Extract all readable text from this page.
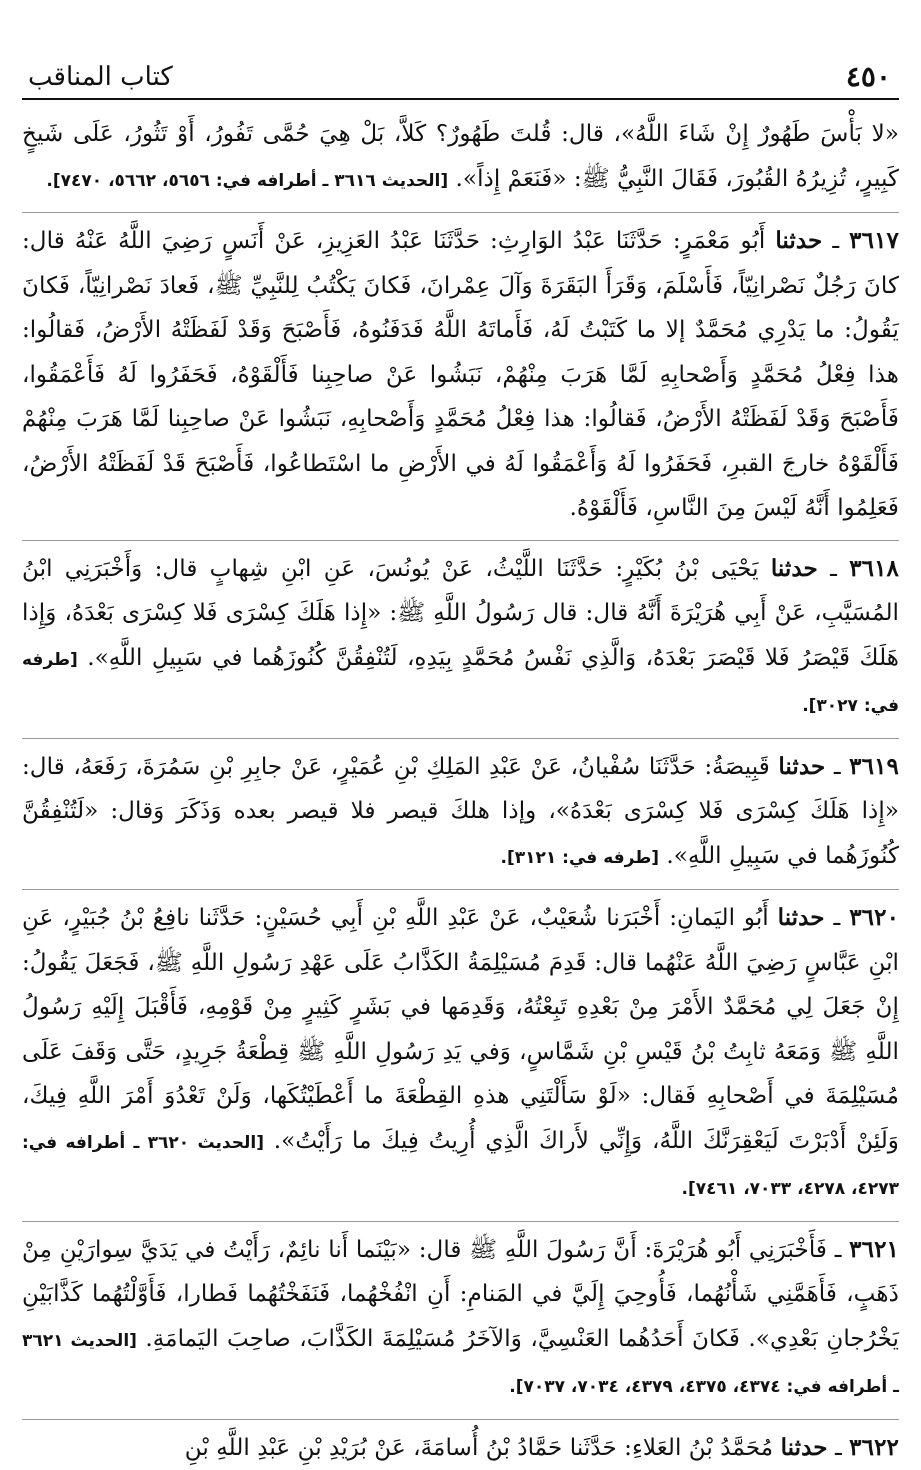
٤٥٠
كتاب المناقب

«لا بَأْسَ طَهُورٌ إِنْ شَاءَ اللَّهُ»، قال: قُلتَ طَهُورٌ؟ كَلاَّ، بَلْ هِيَ حُمَّى تَفُورُ، أَوْ تَثُورُ، عَلَى شَيخٍ كَبِيرٍ، تُزِيرُهُ القُبُورَ، فَقَالَ النَّبِيُّ ﷺ: «فَنَعَمْ إِذاً». [الحديث ٣٦١٦ ـ أطرافه في: ٥٦٥٦، ٥٦٦٢، ٧٤٧٠].

٣٦١٧ ـ حدثنا أَبُو مَعْمَرٍ: حَدَّثَنَا عَبْدُ الوَارِثِ: حَدَّثَنَا عَبْدُ العَزِيزِ، عَنْ أَنَسٍ رَضِيَ اللَّهُ عَنْهُ قال: كانَ رَجُلٌ نَصْرانِيّاً، فَأَسْلَمَ، وَقَرَأَ البَقَرَةَ وَآلَ عِمْرانَ، فَكانَ يَكْتُبُ لِلنَّبِيِّ ﷺ، فَعادَ نَصْرانِيّاً، فَكانَ يَقُولُ: ما يَدْرِي مُحَمَّدٌ إلا ما كَتَبْتُ لَهُ، فَأَماتَهُ اللَّهُ فَدَفَنُوهُ، فَأَصْبَحَ وَقَدْ لَفَظَتْهُ الأَرْضُ، فَقالُوا: هذا فِعْلُ مُحَمَّدٍ وَأَصْحابِهِ لَمَّا هَرَبَ مِنْهُمْ، نَبَشُوا عَنْ صاحِبِنا فَأَلْقَوْهُ، فَحَفَرُوا لَهُ فَأَعْمَقُوا، فَأَصْبَحَ وَقَدْ لَفَظَتْهُ الأَرْضُ، فَقالُوا: هذا فِعْلُ مُحَمَّدٍ وَأَصْحابِهِ، نَبَشُوا عَنْ صاحِبِنا لَمَّا هَرَبَ مِنْهُمْ فَأَلْقَوْهُ خارجَ القبرِ، فَحَفَرُوا لَهُ وَأَعْمَقُوا لَهُ في الأَرْضِ ما اسْتَطاعُوا، فَأَصْبَحَ قَدْ لَفَظَتْهُ الأَرْضُ، فَعَلِمُوا أَنَّهُ لَيْسَ مِنَ النَّاسِ، فَأَلْقَوْهُ.

٣٦١٨ ـ حدثنا يَحْيَى بْنُ بُكَيْرٍ: حَدَّثَنَا اللَّيْثُ، عَنْ يُونُسَ، عَنِ ابْنِ شِهابٍ قال: وَأَخْبَرَنِي ابْنُ المُسَيَّبِ، عَنْ أَبِي هُرَيْرَةَ أَنَّهُ قال: قال رَسُولُ اللَّهِ ﷺ: «إِذا هَلَكَ كِسْرَى فَلا كِسْرَى بَعْدَهُ، وَإِذا هَلَكَ قَيْصَرُ فَلا قَيْصَرَ بَعْدَهُ، وَالَّذِي نَفْسُ مُحَمَّدٍ بِيَدِهِ، لَتُنْفِقُنَّ كُنُوزَهُما في سَبِيلِ اللَّهِ». [طرفه في: ٣٠٢٧].

٣٦١٩ ـ حدثنا قَبِيصَةُ: حَدَّثَنَا سُفْيانُ، عَنْ عَبْدِ المَلِكِ بْنِ عُمَيْرٍ، عَنْ جابِرِ بْنِ سَمُرَةَ، رَفَعَهُ، قال: «إِذا هَلَكَ كِسْرَى فَلا كِسْرَى بَعْدَهُ»، وإذا هلكَ قيصر فلا قيصر بعده وَذَكَرَ وَقال: «لَتُنْفِقُنَّ كُنُوزَهُما في سَبِيلِ اللَّهِ». [طرفه في: ٣١٢١].

٣٦٢٠ ـ حدثنا أَبُو اليَمانِ: أَخْبَرَنا شُعَيْبٌ، عَنْ عَبْدِ اللَّهِ بْنِ أَبِي حُسَيْنٍ: حَدَّثَنا نافِعُ بْنُ جُبَيْرٍ، عَنِ ابْنِ عَبَّاسٍ رَضِيَ اللَّهُ عَنْهُما قال: قَدِمَ مُسَيْلِمَةُ الكَذَّابُ عَلَى عَهْدِ رَسُولِ اللَّهِ ﷺ، فَجَعَلَ يَقُولُ: إِنْ جَعَلَ لِي مُحَمَّدٌ الأَمْرَ مِنْ بَعْدِهِ تَبِعْتُهُ، وَقَدِمَها في بَشَرٍ كَثِيرٍ مِنْ قَوْمِهِ، فَأَقْبَلَ إِلَيْهِ رَسُولُ اللَّهِ ﷺ وَمَعَهُ ثابِتُ بْنُ قَيْسِ بْنِ شَمَّاسٍ، وَفي يَدِ رَسُولِ اللَّهِ ﷺ قِطْعَةُ جَرِيدٍ، حَتَّى وَقَفَ عَلَى مُسَيْلِمَةَ في أَصْحابِهِ فَقال: «لَوْ سَأَلْتَنِي هذهِ القِطْعَةَ ما أَعْطَيْتُكَها، وَلَنْ تَعْدُوَ أَمْرَ اللَّهِ فِيكَ، وَلَئِنْ أَدْبَرْتَ لَيَعْقِرَنَّكَ اللَّهُ، وَإِنِّي لأَراكَ الَّذِي أُرِيتُ فِيكَ ما رَأَيْتُ». [الحديث ٣٦٢٠ ـ أطرافه في: ٤٢٧٣، ٤٢٧٨، ٧٠٣٣، ٧٤٦١].

٣٦٢١ ـ فَأَخْبَرَنِي أَبُو هُرَيْرَةَ: أَنَّ رَسُولَ اللَّهِ ﷺ قال: «بَيْنَما أَنا نائِمٌ، رَأَيْتُ في يَدَيَّ سِوارَيْنِ مِنْ ذَهَبٍ، فَأَهَمَّنِي شَأْنُهُما، فَأُوحِيَ إِلَيَّ في المَنامِ: أَنِ انْفُخْهُما، فَنَفَخْتُهُما فَطارا، فَأَوَّلْتُهُما كَذَّابَيْنِ يَخْرُجانِ بَعْدِي». فَكانَ أَحَدُهُما العَنْسِيَّ، وَالآخَرُ مُسَيْلِمَةَ الكَذَّابَ، صاحِبَ اليَمامَةِ. [الحديث ٣٦٢١ ـ أطرافه في: ٤٣٧٤، ٤٣٧٥، ٤٣٧٩، ٧٠٣٤، ٧٠٣٧].

٣٦٢٢ ـ حدثنا مُحَمَّدُ بْنُ العَلاءِ: حَدَّثَنا حَمَّادُ بْنُ أُسامَةَ، عَنْ بُرَيْدِ بْنِ عَبْدِ اللَّهِ بْنِ
